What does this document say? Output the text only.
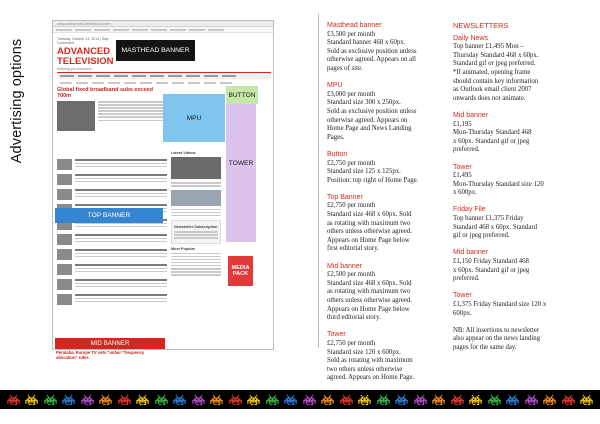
Advertising options
www.advanced-television.com
Tuesday, October 14, 2014 | Stay Connected
ADVANCED
TELEVISION
Keeping you informed...
Global fixed broadband subs exceed 700m
Latest Videos
Newsletter Subscription
Most Popular
MASTHEAD BANNER
MPU
BUTTON
TOWER
TOP BANNER
MEDIA
PACK
MID BANNER
Peralaba, Europe TV sets "unfair "frequency allocation" rules
Masthead banner
£3,500 per month
Standard banner 468 x 60px.
Sold as exclusive position unless
otherwise agreed. Appears on all
pages of site.
MPU
£3,000 per month
Standard size 300 x 250px.
Sold as exclusive position unless
otherwise agreed. Appears on
Home Page and News Landing
Pages.
Button
£2,750 per month
Standard size 125 x 125px.
Position: top right of Home Page.
Top Banner
£2,750 per month
Standard size 468 x 60px. Sold
as rotating with maximum two
others unless otherwise agreed.
Appears on Home Page below
first editorial story.
Mid banner
£2,500 per month
Standard size 468 x 60px. Sold
as rotating with maximum two
others unless otherwise agreed.
Appears on Home Page below
third editorial story.
Tower
£2,750 per month
Standard size 120 x 600px.
Sold as rotating with maximum
two others unless otherwise
agreed. Appears on Home Page.
NEWSLETTERS
Daily News
Top banner £1,495 Mon –
Thursday Standard 468 x 60px.
Standard gif or jpeg preferred.
*If animated, opening frame
should contain key information
as Outlook email client 2007
onwards does not animate.
Mid banner
£1,195
Mon-Thursday Standard 468
x 60px. Standard gif or jpeg
preferred.
Tower
£1,495
Mon-Thursday Standard size 120
x 600px.
Friday File
Top banner £1,375 Friday
Standard 468 x 60px. Standard
gif or jpeg preferred.
Mid banner
£1,150 Friday Standard 468
x 60px. Standard gif or jpeg
preferred.
Tower
£1,375 Friday Standard size 120 x
600px.
NB: All insertions to newsletter
also appear on the news landing
pages for the same day.
